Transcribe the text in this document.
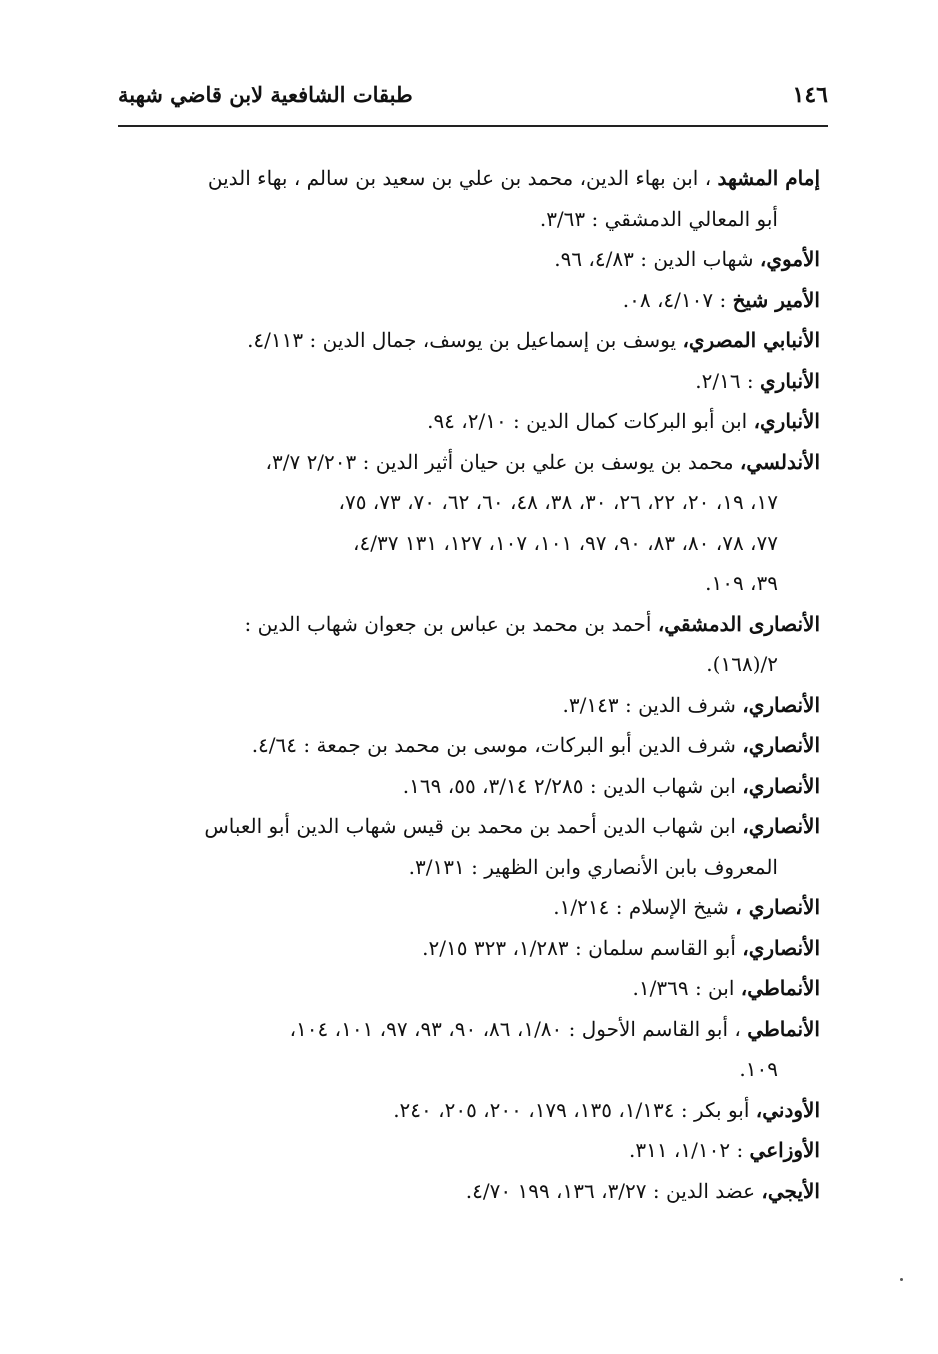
١٤٦
طبقات الشافعية لابن قاضي شهبة

إمام المشهد ، ابن بهاء الدين، محمد بن علي بن سعيد بن سالم ، بهاء الدين
أبو المعالي الدمشقي : ٣/٦٣.

الأموي، شهاب الدين : ٤/٨٣، ٩٦.

الأمير شيخ : ٤/١٠٧، ٠٨.

الأنبابي المصري، يوسف بن إسماعيل بن يوسف، جمال الدين : ٤/١١٣.

الأنباري : ٢/١٦.

الأنباري، ابن أبو البركات كمال الدين : ٢/١٠، ٩٤.

الأندلسي، محمد بن يوسف بن علي بن حيان أثير الدين : ٢/٢٠٣ ٣/٧،
١٧، ١٩، ٢٠، ٢٢، ٢٦، ٣٠، ٣٨، ٤٨، ٦٠، ٦٢، ٧٠، ٧٣، ٧٥،
٧٧، ٧٨، ٨٠، ٨٣، ٩٠، ٩٧، ١٠١، ١٠٧، ١٢٧، ١٣١ ٤/٣٧،
٣٩، ١٠٩.

الأنصارى الدمشقي، أحمد بن محمد بن عباس بن جعوان شهاب الدين :
٢/(١٦٨).

الأنصاري، شرف الدين : ٣/١٤٣.

الأنصاري، شرف الدين أبو البركات، موسى بن محمد بن جمعة : ٤/٦٤.

الأنصاري، ابن شهاب الدين : ٢/٢٨٥ ٣/١٤، ٥٥، ١٦٩.

الأنصاري، ابن شهاب الدين أحمد بن محمد بن قيس شهاب الدين أبو العباس
المعروف بابن الأنصاري وابن الظهير : ٣/١٣١.

الأنصاري ، شيخ الإسلام : ١/٢١٤.

الأنصاري، أبو القاسم سلمان : ١/٢٨٣، ٣٢٣ ٢/١٥.

الأنماطي، ابن : ١/٣٦٩.

الأنماطي ، أبو القاسم الأحول : ١/٨٠، ٨٦، ٩٠، ٩٣، ٩٧، ١٠١، ١٠٤،
١٠٩.

الأودني، أبو بكر : ١/١٣٤، ١٣٥، ١٧٩، ٢٠٠، ٢٠٥، ٢٤٠.

الأوزاعي : ١/١٠٢، ٣١١.

الأيجي، عضد الدين : ٣/٢٧، ١٣٦، ١٩٩ ٤/٧٠.
